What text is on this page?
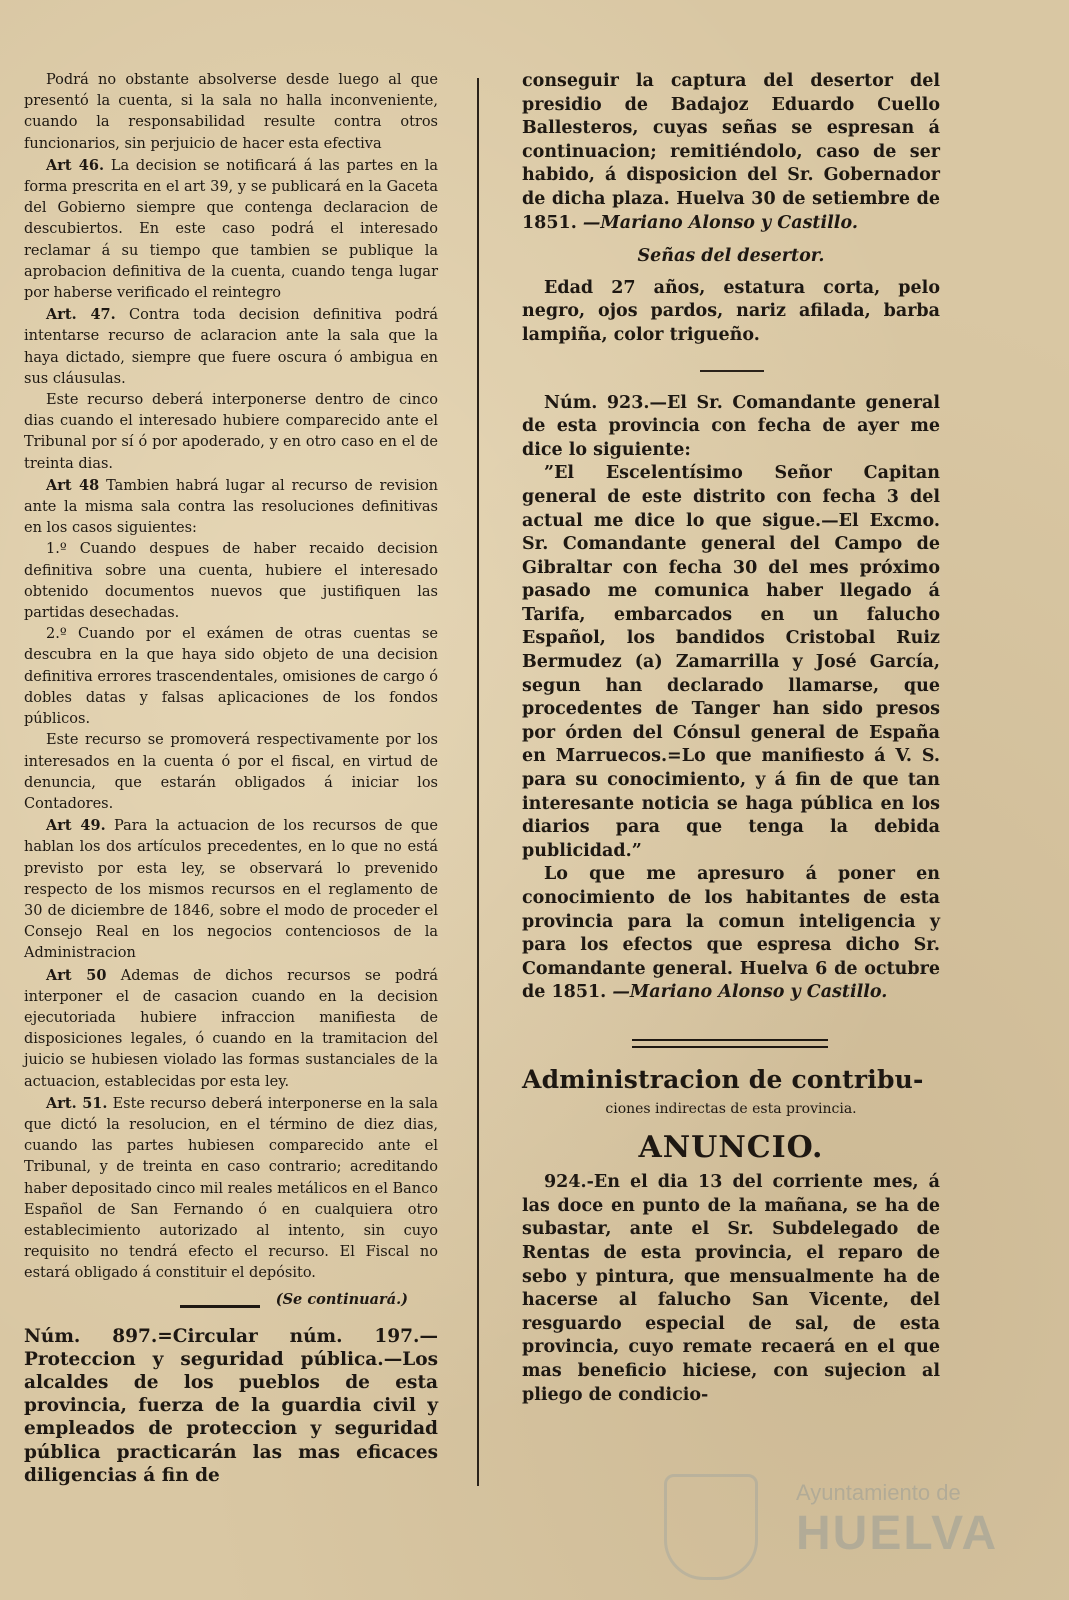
Podrá no obstante absolverse desde luego al que presentó la cuenta, si la sala no halla inconveniente, cuando la responsabilidad resulte contra otros funcionarios, sin perjuicio de hacer esta efectiva

Art 46. La decision se notificará á las partes en la forma prescrita en el art 39, y se publicará en la Gaceta del Gobierno siempre que contenga declaracion de descubiertos. En este caso podrá el interesado reclamar á su tiempo que tambien se publique la aprobacion definitiva de la cuenta, cuando tenga lugar por haberse verificado el reintegro

Art. 47. Contra toda decision definitiva podrá intentarse recurso de aclaracion ante la sala que la haya dictado, siempre que fuere oscura ó ambigua en sus cláusulas.

Este recurso deberá interponerse dentro de cinco dias cuando el interesado hubiere comparecido ante el Tribunal por sí ó por apoderado, y en otro caso en el de treinta dias.

Art 48 Tambien habrá lugar al recurso de revision ante la misma sala contra las resoluciones definitivas en los casos siguientes:

1.º Cuando despues de haber recaido decision definitiva sobre una cuenta, hubiere el interesado obtenido documentos nuevos que justifiquen las partidas desechadas.

2.º Cuando por el exámen de otras cuentas se descubra en la que haya sido objeto de una decision definitiva errores trascendentales, omisiones de cargo ó dobles datas y falsas aplicaciones de los fondos públicos.

Este recurso se promoverá respectivamente por los interesados en la cuenta ó por el fiscal, en virtud de denuncia, que estarán obligados á iniciar los Contadores.

Art 49. Para la actuacion de los recursos de que hablan los dos artículos precedentes, en lo que no está previsto por esta ley, se observará lo prevenido respecto de los mismos recursos en el reglamento de 30 de diciembre de 1846, sobre el modo de proceder el Consejo Real en los negocios contenciosos de la Administracion

Art 50 Ademas de dichos recursos se podrá interponer el de casacion cuando en la decision ejecutoriada hubiere infraccion manifiesta de disposiciones legales, ó cuando en la tramitacion del juicio se hubiesen violado las formas sustanciales de la actuacion, establecidas por esta ley.

Art. 51. Este recurso deberá interponerse en la sala que dictó la resolucion, en el término de diez dias, cuando las partes hubiesen comparecido ante el Tribunal, y de treinta en caso contrario; acreditando haber depositado cinco mil reales metálicos en el Banco Español de San Fernando ó en cualquiera otro establecimiento autorizado al intento, sin cuyo requisito no tendrá efecto el recurso. El Fiscal no estará obligado á constituir el depósito.

(Se continuará.)

Núm. 897.=Circular núm. 197.—Proteccion y seguridad pública.—Los alcaldes de los pueblos de esta provincia, fuerza de la guardia civil y empleados de proteccion y seguridad pública practicarán las mas eficaces diligencias á fin de

conseguir la captura del desertor del presidio de Badajoz Eduardo Cuello Ballesteros, cuyas señas se espresan á continuacion; remitiéndolo, caso de ser habido, á disposicion del Sr. Gobernador de dicha plaza. Huelva 30 de setiembre de 1851. —Mariano Alonso y Castillo.

Señas del desertor.

Edad 27 años, estatura corta, pelo negro, ojos pardos, nariz afilada, barba lampiña, color trigueño.

Núm. 923.—El Sr. Comandante general de esta provincia con fecha de ayer me dice lo siguiente:

”El Escelentísimo Señor Capitan general de este distrito con fecha 3 del actual me dice lo que sigue.—El Excmo. Sr. Comandante general del Campo de Gibraltar con fecha 30 del mes próximo pasado me comunica haber llegado á Tarifa, embarcados en un falucho Español, los bandidos Cristobal Ruiz Bermudez (a) Zamarrilla y José García, segun han declarado llamarse, que procedentes de Tanger han sido presos por órden del Cónsul general de España en Marruecos.=Lo que manifiesto á V. S. para su conocimiento, y á fin de que tan interesante noticia se haga pública en los diarios para que tenga la debida publicidad.”

Lo que me apresuro á poner en conocimiento de los habitantes de esta provincia para la comun inteligencia y para los efectos que espresa dicho Sr. Comandante general. Huelva 6 de octubre de 1851. —Mariano Alonso y Castillo.

Administracion de contribu-
ciones indirectas de esta provincia.
ANUNCIO.

924.-En el dia 13 del corriente mes, á las doce en punto de la mañana, se ha de subastar, ante el Sr. Subdelegado de Rentas de esta provincia, el reparo de sebo y pintura, que mensualmente ha de hacerse al falucho San Vicente, del resguardo especial de sal, de esta provincia, cuyo remate recaerá en el que mas beneficio hiciese, con sujecion al pliego de condicio-

Ayuntamiento de
HUELVA
